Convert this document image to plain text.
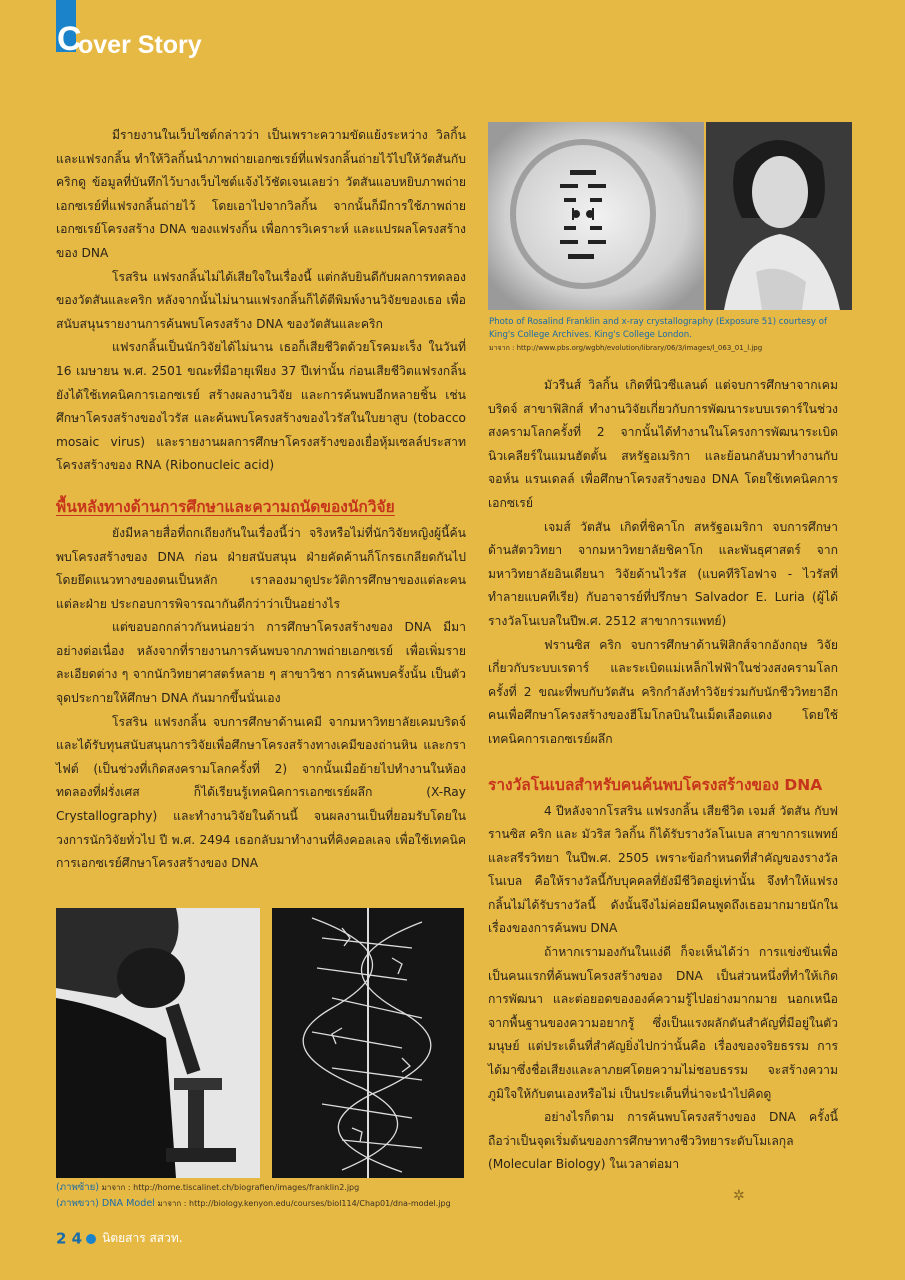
C
over Story

มีรายงานในเว็บไซต์กล่าวว่า เป็นเพราะความขัดแย้งระหว่าง วิลกิ้น และแฟรงกลิ้น ทำให้วิลกิ้นนำภาพถ่ายเอกซเรย์ที่แฟรงกลิ้นถ่ายไว้ไปให้วัตสันกับคริกดู ข้อมูลที่บันทึกไว้บางเว็บไซต์แจ้งไว้ชัดเจนเลยว่า วัตสันแอบหยิบภาพถ่ายเอกซเรย์ที่แฟรงกลิ้นถ่ายไว้ โดยเอาไปจากวิลกิ้น จากนั้นก็มีการใช้ภาพถ่ายเอกซเรย์โครงสร้าง DNA ของแฟรงกิ้น เพื่อการวิเคราะห์ และแปรผลโครงสร้างของ DNA

โรสริน แฟรงกลิ้นไม่ได้เสียใจในเรื่องนี้ แต่กลับยินดีกับผลการทดลองของวัตสันและคริก หลังจากนั้นไม่นานแฟรงกลิ้นก็ได้ตีพิมพ์งานวิจัยของเธอ เพื่อสนับสนุนรายงานการค้นพบโครงสร้าง DNA ของวัตสันและคริก

แฟรงกลิ้นเป็นนักวิจัยได้ไม่นาน เธอก็เสียชีวิตด้วยโรคมะเร็ง ในวันที่ 16 เมษายน พ.ศ. 2501 ขณะที่มีอายุเพียง 37 ปีเท่านั้น ก่อนเสียชีวิตแฟรงกลิ้นยังได้ใช้เทคนิคการเอกซเรย์ สร้างผลงานวิจัย และการค้นพบอีกหลายชิ้น เช่น ศึกษาโครงสร้างของไวรัส และค้นพบโครงสร้างของไวรัสในใบยาสูบ (tobacco mosaic virus) และรายงานผลการศึกษาโครงสร้างของเยื่อหุ้มเซลล์ประสาท โครงสร้างของ RNA (Ribonucleic acid)

พื้นหลังทางด้านการศึกษาและความถนัดของนักวิจัย

ยังมีหลายสื่อที่ถกเถียงกันในเรื่องนี้ว่า จริงหรือไม่ที่นักวิจัยหญิงผู้นี้ค้นพบโครงสร้างของ DNA ก่อน ฝ่ายสนับสนุน ฝ่ายคัดค้านก็โกรธเกลียดกันไป โดยยึดแนวทางของตนเป็นหลัก เราลองมาดูประวัติการศึกษาของแต่ละคนแต่ละฝ่าย ประกอบการพิจารณากันดีกว่าว่าเป็นอย่างไร

แต่ขอบอกกล่าวกันหน่อยว่า การศึกษาโครงสร้างของ DNA มีมาอย่างต่อเนื่อง หลังจากที่รายงานการค้นพบจากภาพถ่ายเอกซเรย์ เพื่อเพิ่มรายละเอียดต่าง ๆ จากนักวิทยาศาสตร์หลาย ๆ สาขาวิชา การค้นพบครั้งนั้น เป็นตัวจุดประกายให้ศึกษา DNA กันมากขึ้นนั่นเอง

โรสริน แฟรงกลิ้น จบการศึกษาด้านเคมี จากมหาวิทยาลัยเคมบริดจ์ และได้รับทุนสนับสนุนการวิจัยเพื่อศึกษาโครงสร้างทางเคมีของถ่านหิน และกราไฟต์ (เป็นช่วงที่เกิดสงครามโลกครั้งที่ 2) จากนั้นเมื่อย้ายไปทำงานในห้องทดลองที่ฝรั่งเศส ก็ได้เรียนรู้เทคนิคการเอกซเรย์ผลึก (X-Ray Crystallography) และทำงานวิจัยในด้านนี้ จนผลงานเป็นที่ยอมรับโดยในวงการนักวิจัยทั่วไป ปี พ.ศ. 2494 เธอกลับมาทำงานที่คิงคอลเลจ เพื่อใช้เทคนิคการเอกซเรย์ศึกษาโครงสร้างของ DNA

Photo of Rosalind Franklin and x-ray crystallography (Exposure 51) courtesy of King's College Archives. King's College London.
มาจาก : http://www.pbs.org/wgbh/evolution/library/06/3/images/l_063_01_l.jpg

มัวรีนส์ วิลกิ้น เกิดที่นิวซีแลนด์ แต่จบการศึกษาจากเคมบริดจ์ สาขาฟิสิกส์ ทำงานวิจัยเกี่ยวกับการพัฒนาระบบเรดาร์ในช่วงสงครามโลกครั้งที่ 2 จากนั้นได้ทำงานในโครงการพัฒนาระเบิดนิวเคลียร์ในแมนฮัตตั้น สหรัฐอเมริกา และย้อนกลับมาทำงานกับจอห์น แรนเดลล์ เพื่อศึกษาโครงสร้างของ DNA โดยใช้เทคนิคการเอกซเรย์

เจมส์ วัตสัน เกิดที่ชิคาโก สหรัฐอเมริกา จบการศึกษาด้านสัตววิทยา จากมหาวิทยาลัยชิคาโก และพันธุศาสตร์ จากมหาวิทยาลัยอินเดียนา วิจัยด้านไวรัส (แบคทีริโอฟาจ - ไวรัสที่ทำลายแบคทีเรีย) กับอาจารย์ที่ปรึกษา Salvador E. Luria (ผู้ได้รางวัลโนเบลในปีพ.ศ. 2512 สาขาการแพทย์)

ฟรานซิส คริก จบการศึกษาด้านฟิสิกส์จากอังกฤษ วิจัยเกี่ยวกับระบบเรดาร์ และระเบิดแม่เหล็กไฟฟ้าในช่วงสงครามโลกครั้งที่ 2 ขณะที่พบกับวัตสัน คริกกำลังทำวิจัยร่วมกับนักชีววิทยาอีกคนเพื่อศึกษาโครงสร้างของฮีโมโกลบินในเม็ดเลือดแดง โดยใช้เทคนิคการเอกซเรย์ผลึก

รางวัลโนเบลสำหรับคนค้นพบโครงสร้างของ DNA

4 ปีหลังจากโรสริน แฟรงกลิ้น เสียชีวิต เจมส์ วัตสัน กับฟรานซิส คริก และ มัวริส วิลกิ้น ก็ได้รับรางวัลโนเบล สาขาการแพทย์และสรีรวิทยา ในปีพ.ศ. 2505 เพราะข้อกำหนดที่สำคัญของรางวัลโนเบล คือให้รางวัลนี้กับบุคคลที่ยังมีชีวิตอยู่เท่านั้น จึงทำให้แฟรงกลิ้นไม่ได้รับรางวัลนี้ ดังนั้นจึงไม่ค่อยมีคนพูดถึงเธอมากมายนักในเรื่องของการค้นพบ DNA

ถ้าหากเรามองกันในแง่ดี ก็จะเห็นได้ว่า การแข่งขันเพื่อเป็นคนแรกที่ค้นพบโครงสร้างของ DNA เป็นส่วนหนึ่งที่ทำให้เกิดการพัฒนา และต่อยอดขององค์ความรู้ไปอย่างมากมาย นอกเหนือจากพื้นฐานของความอยากรู้ ซึ่งเป็นแรงผลักดันสำคัญที่มีอยู่ในตัวมนุษย์ แต่ประเด็นที่สำคัญยิ่งไปกว่านั้นคือ เรื่องของจริยธรรม การได้มาซึ่งชื่อเสียงและลาภยศโดยความไม่ชอบธรรม จะสร้างความภูมิใจให้กับตนเองหรือไม่ เป็นประเด็นที่น่าจะนำไปคิดดู

อย่างไรก็ตาม การค้นพบโครงสร้างของ DNA ครั้งนี้ ถือว่าเป็นจุดเริ่มต้นของการศึกษาทางชีววิทยาระดับโมเลกุล (Molecular Biology) ในเวลาต่อมา

(ภาพซ้าย) มาจาก : http://home.tiscalinet.ch/biografien/images/franklin2.jpg
(ภาพขวา) DNA Model มาจาก : http://biology.kenyon.edu/courses/biol114/Chap01/dna-model.jpg	✲
2 4 นิตยสาร สสวท.
